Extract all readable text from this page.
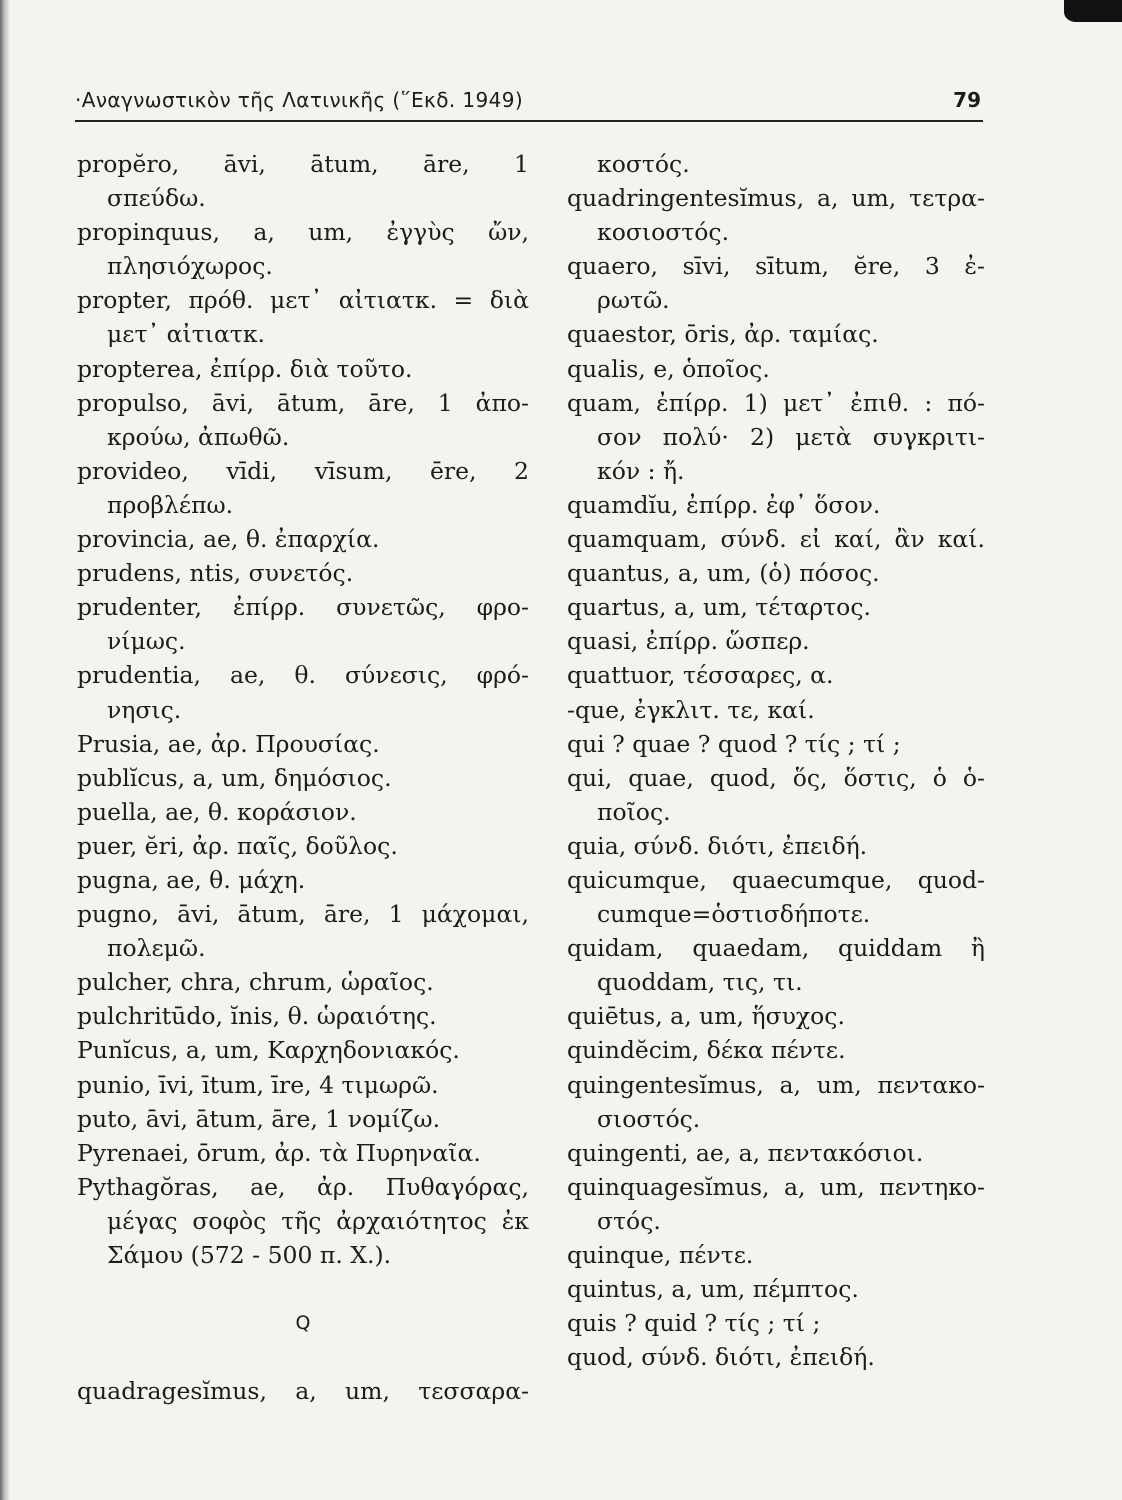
·Αναγνωστικὸν τῆς Λατινικῆς (῞Εκδ. 1949)	79
propĕro, āvi, ātum, āre, 1
σπεύδω.
propinquus, a, um, ἐγγὺς ὤν,
πλησιόχωρος.
propter, πρόθ. μετ᾽ αἰτιατκ. = διὰ
μετ᾽ αἰτιατκ.
propterea, ἐπίρρ. διὰ τοῦτο.
propulso, āvi, ātum, āre, 1 ἀπο-
κρούω, ἀπωθῶ.
provideo, vīdi, vīsum, ēre, 2
προβλέπω.
provincia, ae, θ. ἐπαρχία.
prudens, ntis, συνετός.
prudenter, ἐπίρρ. συνετῶς, φρο-
νίμως.
prudentia, ae, θ. σύνεσις, φρό-
νησις.
Prusia, ae, ἀρ. Προυσίας.
publĭcus, a, um, δημόσιος.
puella, ae, θ. κοράσιον.
puer, ĕri, ἀρ. παῖς, δοῦλος.
pugna, ae, θ. μάχη.
pugno, āvi, ātum, āre, 1 μάχομαι,
πολεμῶ.
pulcher, chra, chrum, ὡραῖος.
pulchritūdo, ĭnis, θ. ὡραιότης.
Punĭcus, a, um, Καρχηδονιακός.
punio, īvi, ītum, īre, 4 τιμωρῶ.
puto, āvi, ātum, āre, 1 νομίζω.
Pyrenaei, ōrum, ἀρ. τὰ Πυρηναῖα.
Pythagŏras, ae, ἀρ. Πυθαγόρας,
μέγας σοφὸς τῆς ἀρχαιότητος ἐκ
Σάμου (572 - 500 π. Χ.).
Q
quadragesĭmus, a, um, τεσσαρα-
κοστός.
quadringentesĭmus, a, um, τετρα-
κοσιοστός.
quaero, sīvi, sītum, ĕre, 3 ἐ-
ρωτῶ.
quaestor, ōris, ἀρ. ταμίας.
qualis, e, ὁποῖος.
quam, ἐπίρρ. 1) μετ᾽ ἐπιθ. : πό-
σον πολύ· 2) μετὰ συγκριτι-
κόν : ἤ.
quamdĭu, ἐπίρρ. ἐφ᾽ ὅσον.
quamquam, σύνδ. εἰ καί, ἂν καί.
quantus, a, um, (ὁ) πόσος.
quartus, a, um, τέταρτος.
quasi, ἐπίρρ. ὥσπερ.
quattuor, τέσσαρες, α.
-que, ἐγκλιτ. τε, καί.
qui ? quae ? quod ? τίς ; τί ;
qui, quae, quod, ὅς, ὅστις, ὁ ὁ-
ποῖος.
quia, σύνδ. διότι, ἐπειδή.
quicumque, quaecumque, quod-
cumque=ὁστισδήποτε.
quidam, quaedam, quiddam ἢ
quoddam, τις, τι.
quiētus, a, um, ἥσυχος.
quindĕcim, δέκα πέντε.
quingentesĭmus, a, um, πεντακο-
σιοστός.
quingenti, ae, a, πεντακόσιοι.
quinquagesĭmus, a, um, πεντηκο-
στός.
quinque, πέντε.
quintus, a, um, πέμπτος.
quis ? quid ? τίς ; τί ;
quod, σύνδ. διότι, ἐπειδή.
